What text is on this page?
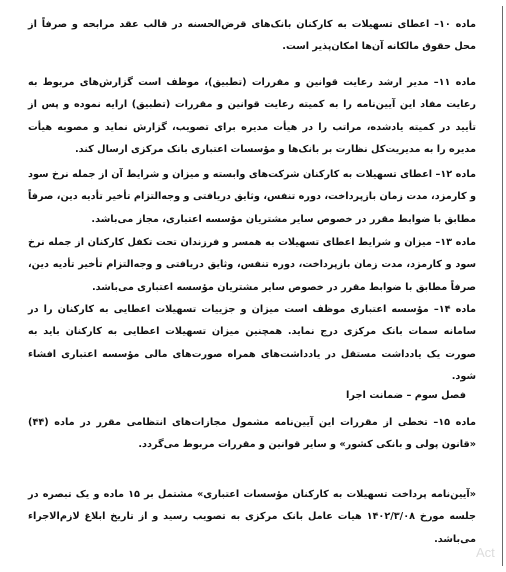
ماده ۱۰– اعطای تسهیلات به کارکنان بانک‌های قرض‌الحسنه در قالب عقد مرابحه و صرفاً از محل حقوق مالکانه آن‌ها امکان‌پذیر است.

ماده ۱۱– مدیر ارشد رعایت قوانین و مقررات (تطبیق)، موظف است گزارش‌های مربوط به رعایت مفاد این آیین‌نامه را به کمیته رعایت قوانین و مقررات (تطبیق) ارایه نموده و پس از تأیید در کمیته یادشده، مراتب را در هیأت مدیره برای تصویب، گزارش نماید و مصوبه هیأت مدیره را به مدیریت‌کل نظارت بر بانک‌ها و مؤسسات اعتباری بانک مرکزی ارسال کند.

ماده ۱۲– اعطای تسهیلات به کارکنان شرکت‌های وابسته و میزان و شرایط آن از جمله نرخ سود و کارمزد، مدت زمان بازپرداخت، دوره تنفس، وثایق دریافتی و وجه‌التزام تأخیر تأدیه دین، صرفاً مطابق با ضوابط مقرر در خصوص سایر مشتریان مؤسسه اعتباری، مجاز می‌باشد.

ماده ۱۳– میزان و شرایط اعطای تسهیلات به همسر و فرزندان تحت تکفل کارکنان از جمله نرخ سود و کارمزد، مدت زمان بازپرداخت، دوره تنفس، وثایق دریافتی و وجه‌التزام تأخیر تأدیه دین، صرفاً مطابق با ضوابط مقرر در خصوص سایر مشتریان مؤسسه اعتباری می‌باشد.

ماده ۱۴– مؤسسه اعتباری موظف است میزان و جزییات تسهیلات اعطایی به کارکنان را در سامانه سمات بانک مرکزی درج نماید. همچنین میزان تسهیلات اعطایی به کارکنان باید به صورت یک یادداشت مستقل در یادداشت‌های همراه صورت‌های مالی مؤسسه اعتباری افشاء شود.

فصل سوم – ضمانت اجرا

ماده ۱۵– تخطی از مقررات این آیین‌نامه مشمول مجازات‌های انتظامی مقرر در ماده (۴۴) «قانون پولی و بانکی کشور» و سایر قوانین و مقررات مربوط می‌گردد.

«آیین‌نامه پرداخت تسهیلات به کارکنان مؤسسات اعتباری» مشتمل بر ۱۵ ماده و یک تبصره در جلسه مورخ ۱۴۰۲/۳/۰۸ هیات عامل بانک مرکزی به تصویب رسید و از تاریخ ابلاغ لازم‌الاجراء می‌باشد.

Act
